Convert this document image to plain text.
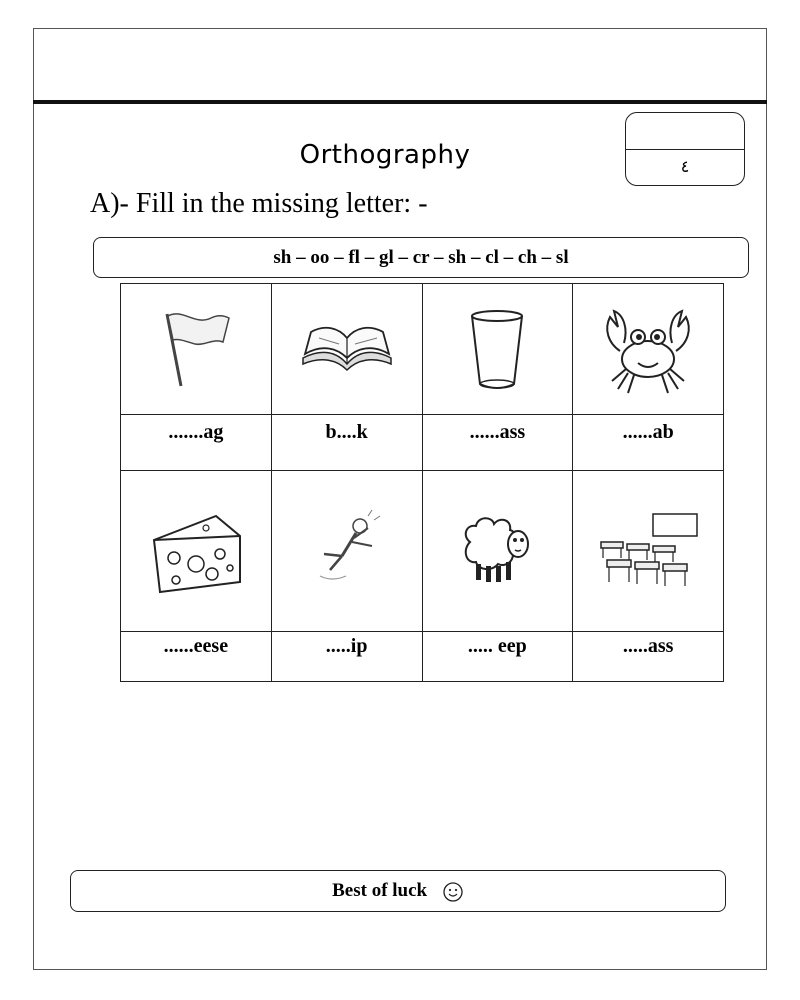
Orthography	٤
A)- Fill in the missing letter: -
sh – oo – fl – gl – cr – sh – cl – ch – sl

.......ag	b....k	......ass	......ab

......eese	.....ip	..... eep	.....ass
Best of luck
